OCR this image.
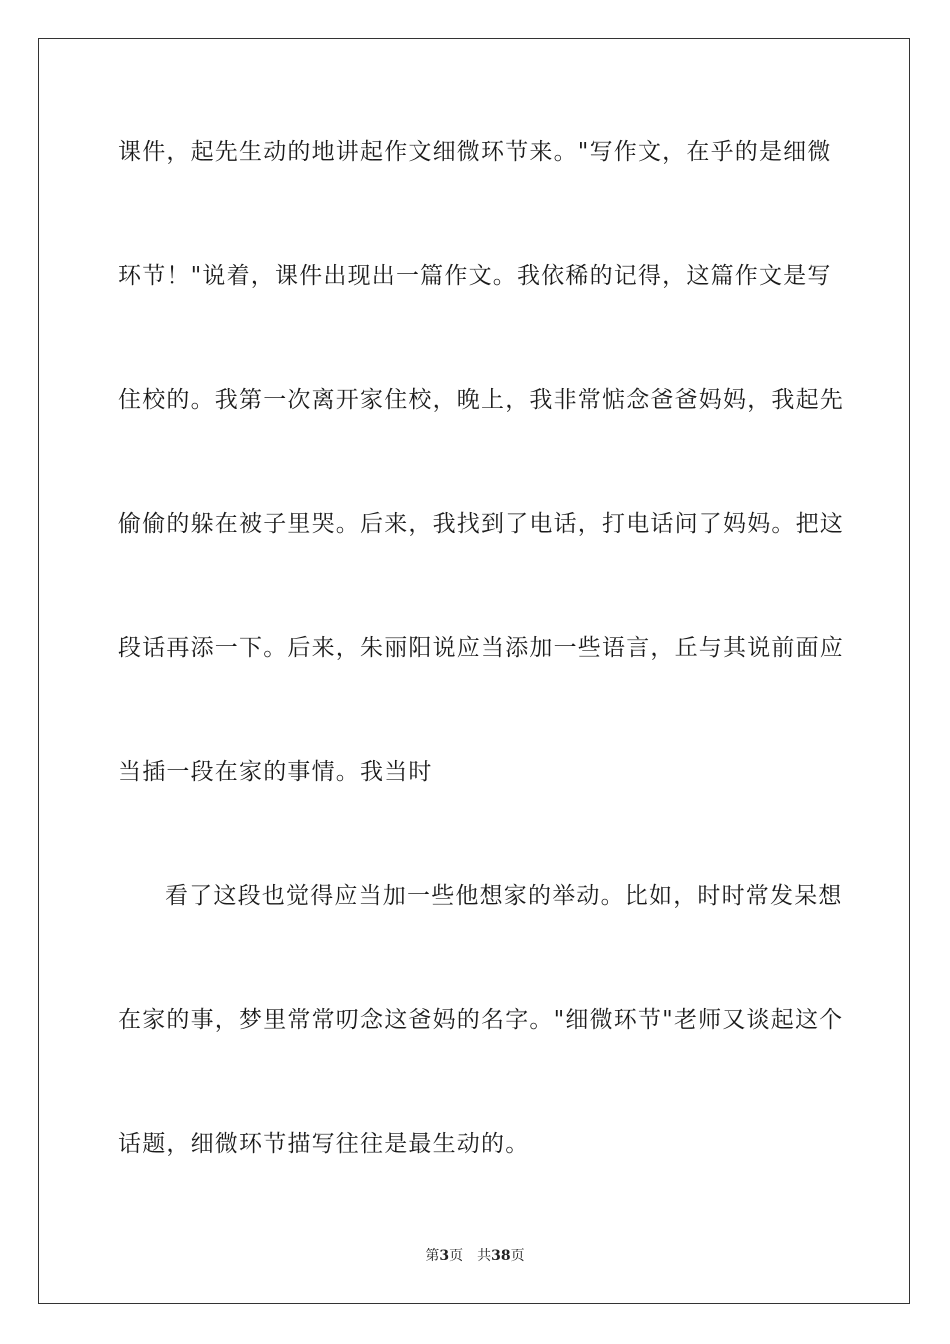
课件，起先生动的地讲起作文细微环节来。"写作文，在乎的是细微
环节！"说着，课件出现出一篇作文。我依稀的记得，这篇作文是写
住校的。我第一次离开家住校，晚上，我非常惦念爸爸妈妈，我起先
偷偷的躲在被子里哭。后来，我找到了电话，打电话问了妈妈。把这
段话再添一下。后来，朱丽阳说应当添加一些语言，丘与其说前面应
当插一段在家的事情。我当时
看了这段也觉得应当加一些他想家的举动。比如，时时常发呆想
在家的事，梦里常常叨念这爸妈的名字。"细微环节"老师又谈起这个
话题，细微环节描写往往是最生动的。
第3页 共38页
